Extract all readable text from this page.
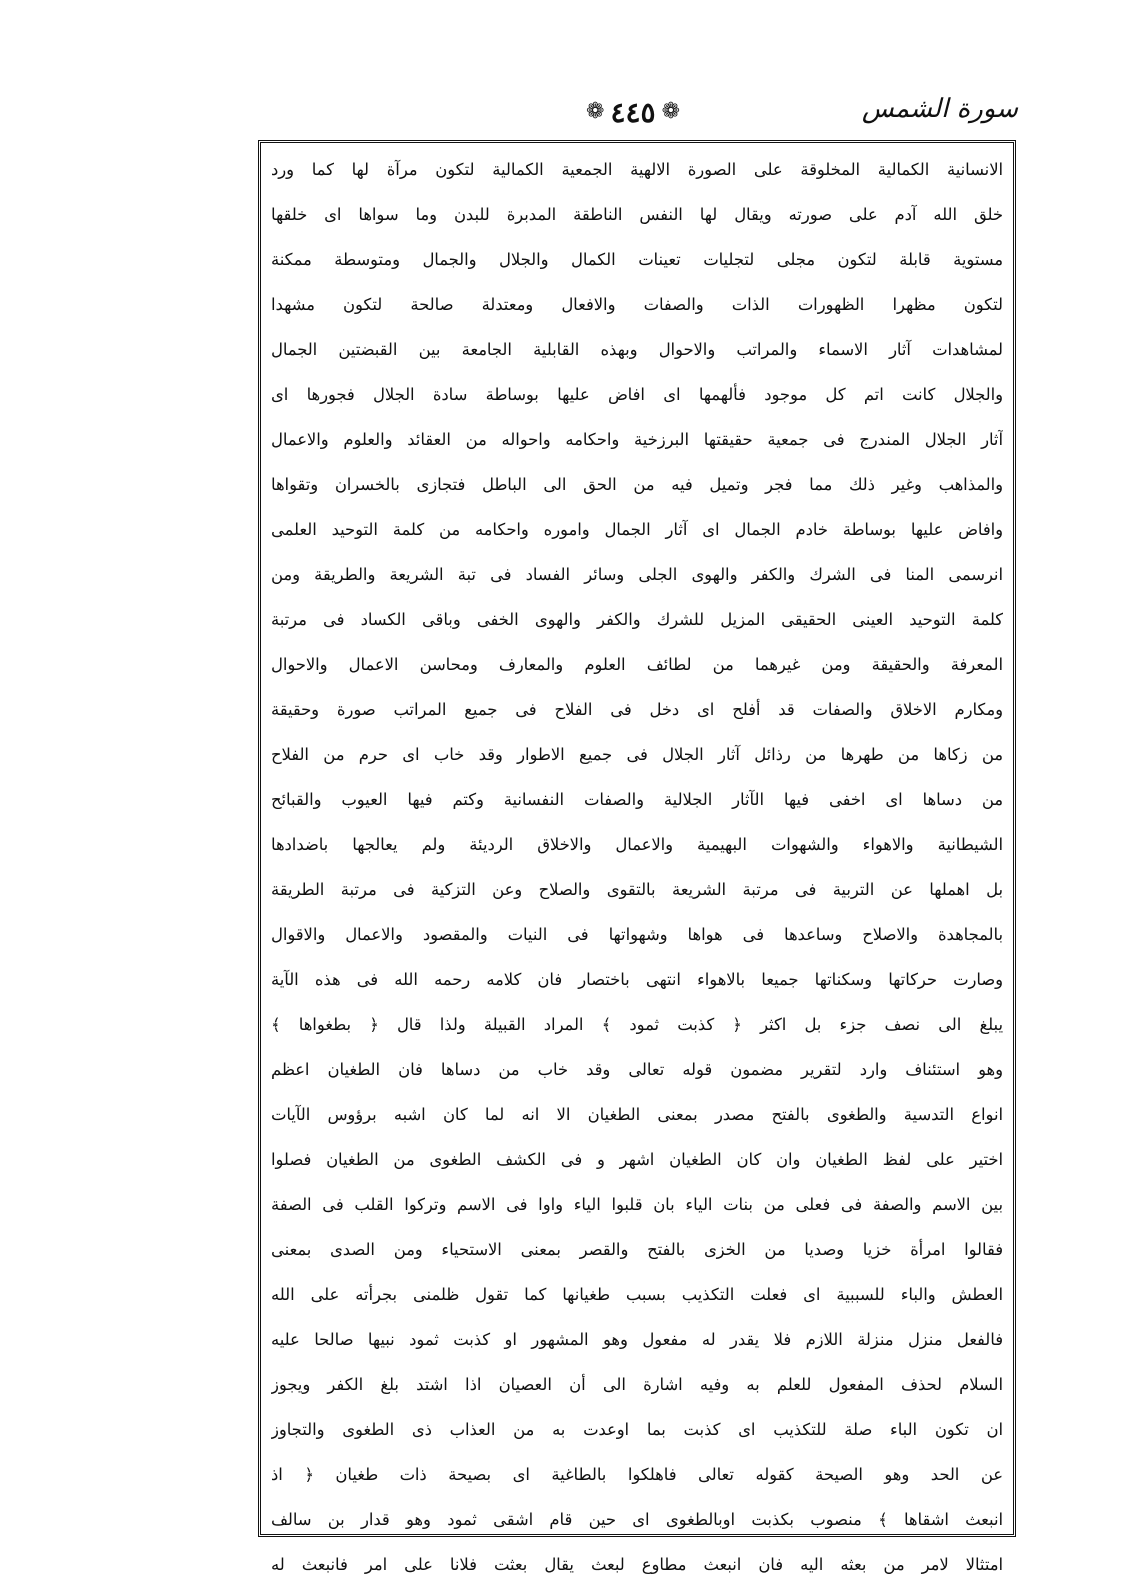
❁ ٤٤٥ ❁	سورة الشمس
الانسانية الكمالية المخلوقة على الصورة الالهية الجمعية الكمالية لتكون مرآة لها كما ورد
خلق الله آدم على صورته ويقال لها النفس الناطقة المدبرة للبدن وما سواها اى خلقها
مستوية قابلة لتكون مجلى لتجليات تعينات الكمال والجلال والجمال ومتوسطة ممكنة
لتكون مظهرا الظهورات الذات والصفات والافعال ومعتدلة صالحة لتكون مشهدا
لمشاهدات آثار الاسماء والمراتب والاحوال وبهذه القابلية الجامعة بين القبضتين الجمال
والجلال كانت اتم كل موجود فألهمها اى افاض عليها بوساطة سادة الجلال فجورها اى
آثار الجلال المندرج فى جمعية حقيقتها البرزخية واحكامه واحواله من العقائد والعلوم والاعمال
والمذاهب وغير ذلك مما فجر وتميل فيه من الحق الى الباطل فتجازى بالخسران وتقواها
وافاض عليها بوساطة خادم الجمال اى آثار الجمال واموره واحكامه من كلمة التوحيد العلمى
انرسمى المنا فى الشرك والكفر والهوى الجلى وسائر الفساد فى تبة الشريعة والطريقة ومن
كلمة التوحيد العينى الحقيقى المزيل للشرك والكفر والهوى الخفى وباقى الكساد فى مرتبة
المعرفة والحقيقة ومن غيرهما من لطائف العلوم والمعارف ومحاسن الاعمال والاحوال
ومكارم الاخلاق والصفات قد أفلح اى دخل فى الفلاح فى جميع المراتب صورة وحقيقة
من زكاها من طهرها من رذائل آثار الجلال فى جميع الاطوار وقد خاب اى حرم من الفلاح
من دساها اى اخفى فيها الآثار الجلالية والصفات النفسانية وكتم فيها العيوب والقبائح
الشيطانية والاهواء والشهوات البهيمية والاعمال والاخلاق الرديئة ولم يعالجها باضدادها
بل اهملها عن التربية فى مرتبة الشريعة بالتقوى والصلاح وعن التزكية فى مرتبة الطريقة
بالمجاهدة والاصلاح وساعدها فى هواها وشهواتها فى النيات والمقصود والاعمال والاقوال
وصارت حركاتها وسكناتها جميعا بالاهواء انتهى باختصار فان كلامه رحمه الله فى هذه الآية
يبلغ الى نصف جزء بل اكثر ﴿ كذبت ثمود ﴾ المراد القبيلة ولذا قال ﴿ بطغواها ﴾
وهو استئناف وارد لتقرير مضمون قوله تعالى وقد خاب من دساها فان الطغيان اعظم
انواع التدسية والطغوى بالفتح مصدر بمعنى الطغيان الا انه لما كان اشبه برؤوس الآيات
اختير على لفظ الطغيان وان كان الطغيان اشهر و فى الكشف الطغوى من الطغيان فصلوا
بين الاسم والصفة فى فعلى من بنات الياء بان قلبوا الياء واوا فى الاسم وتركوا القلب فى الصفة
فقالوا امرأة خزيا وصديا من الخزى بالفتح والقصر بمعنى الاستحياء ومن الصدى بمعنى
العطش والباء للسببية اى فعلت التكذيب بسبب طغيانها كما تقول ظلمنى بجرأته على الله
فالفعل منزل منزلة اللازم فلا يقدر له مفعول وهو المشهور او كذبت ثمود نبيها صالحا عليه
السلام لحذف المفعول للعلم به وفيه اشارة الى أن العصيان اذا اشتد بلغ الكفر ويجوز
ان تكون الباء صلة للتكذيب اى كذبت بما اوعدت به من العذاب ذى الطغوى والتجاوز
عن الحد وهو الصيحة كقوله تعالى فاهلكوا بالطاغية اى بصيحة ذات طغيان ﴿ اذ
انبعث اشقاها ﴾ منصوب بكذبت اوبالطغوى اى حين قام اشقى ثمود وهو قدار بن سالف
امتثالا لامر من بعثه اليه فان انبعث مطاوع لبعث يقال بعثت فلانا على امر فانبعث له
